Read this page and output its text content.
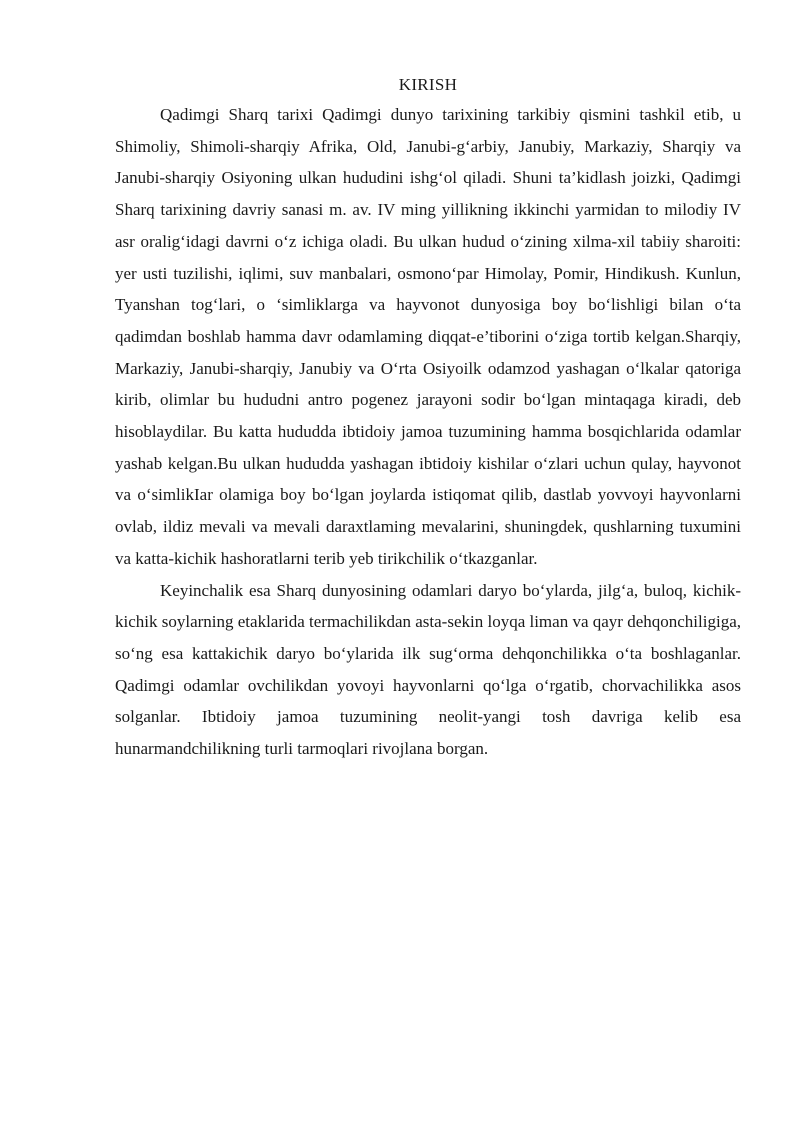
KIRISH

Qadimgi Sharq tarixi Qadimgi dunyo tarixining tarkibiy qismini tashkil etib, u Shimoliy, Shimoli-sharqiy Afrika, Old, Janubi-g‘arbiy, Janubiy, Markaziy, Sharqiy va Janubi-sharqiy Osiyoning ulkan hududini ishg‘ol qiladi. Shuni ta’kidlash joizki, Qadimgi Sharq tarixining davriy sanasi m. av. IV ming yillikning ikkinchi yarmidan to milodiy IV asr oralig‘idagi davrni o‘z ichiga oladi. Bu ulkan hudud o‘zining xilma-xil tabiiy sharoiti: yer usti tuzilishi, iqlimi, suv manbalari, osmono‘par Himolay, Pomir, Hindikush. Kunlun, Tyanshan tog‘lari, o ‘simliklarga va hayvonot dunyosiga boy bo‘lishligi bilan o‘ta qadimdan boshlab hamma davr odamlaming diqqat-e’tiborini o‘ziga tortib kelgan.Sharqiy, Markaziy, Janubi-sharqiy, Janubiy va O‘rta Osiyoilk odamzod yashagan o‘lkalar qatoriga kirib, olimlar bu hududni antro pogenez jarayoni sodir bo‘lgan mintaqaga kiradi, deb hisoblaydilar. Bu katta hududda ibtidoiy jamoa tuzumining hamma bosqichlarida odamlar yashab kelgan.Bu ulkan hududda yashagan ibtidoiy kishilar o‘zlari uchun qulay, hayvonot va o‘simlikIar olamiga boy bo‘lgan joylarda istiqomat qilib, dastlab yovvoyi hayvonlarni ovlab, ildiz mevali va mevali daraxtlaming mevalarini, shuningdek, qushlarning tuxumini va katta-kichik hashoratlarni terib yeb tirikchilik o‘tkazganlar.

Keyinchalik esa Sharq dunyosining odamlari daryo bo‘ylarda, jilg‘a, buloq, kichik-kichik soylarning etaklarida termachilikdan asta-sekin loyqa liman va qayr dehqonchiligiga, so‘ng esa kattakichik daryo bo‘ylarida ilk sug‘orma dehqonchilikka o‘ta boshlaganlar. Qadimgi odamlar ovchilikdan yovoyi hayvonlarni qo‘lga o‘rgatib, chorvachilikka asos solganlar. Ibtidoiy jamoa tuzumining neolit-yangi tosh davriga kelib esa hunarmandchilikning turli tarmoqlari rivojlana borgan.
